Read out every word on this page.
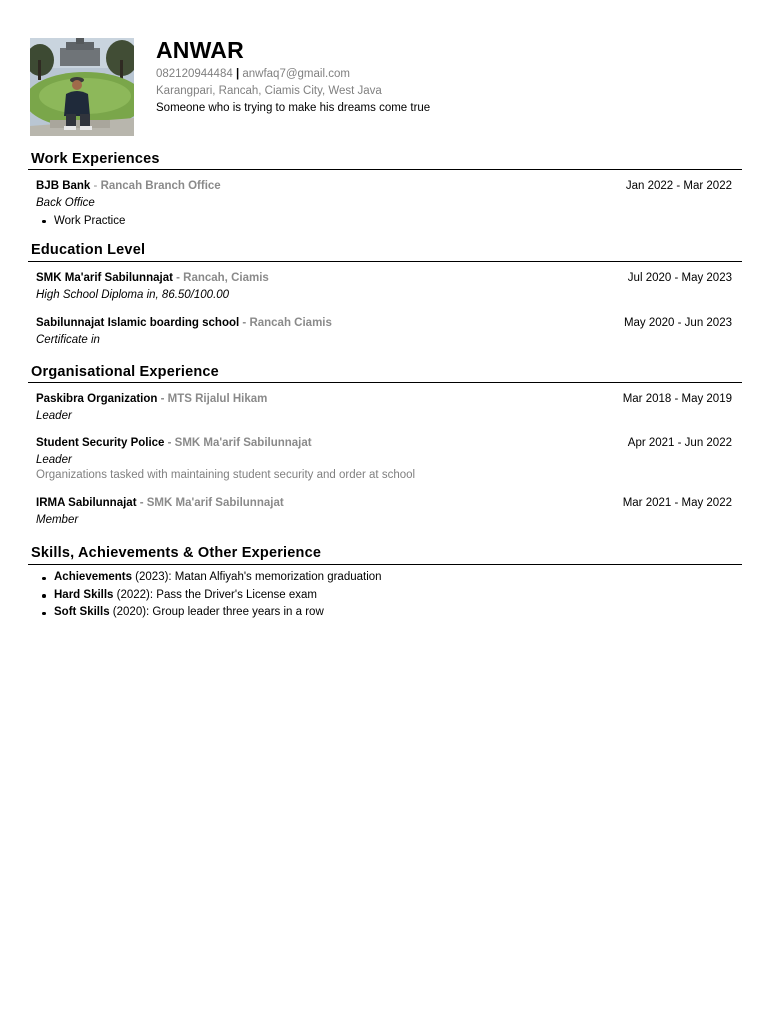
ANWAR
082120944484 | anwfaq7@gmail.com
Karangpari, Rancah, Ciamis City, West Java
Someone who is trying to make his dreams come true
Work Experiences
BJB Bank - Rancah Branch Office	Jan 2022 - Mar 2022
Back Office
Work Practice
Education Level
SMK Ma'arif Sabilunnajat - Rancah, Ciamis	Jul 2020 - May 2023
High School Diploma in, 86.50/100.00
Sabilunnajat Islamic boarding school - Rancah Ciamis	May 2020 - Jun 2023
Certificate in
Organisational Experience
Paskibra Organization - MTS Rijalul Hikam	Mar 2018 - May 2019
Leader
Student Security Police - SMK Ma'arif Sabilunnajat	Apr 2021 - Jun 2022
Leader
Organizations tasked with maintaining student security and order at school
IRMA Sabilunnajat - SMK Ma'arif Sabilunnajat	Mar 2021 - May 2022
Member
Skills, Achievements & Other Experience
Achievements (2023): Matan Alfiyah's memorization graduation
Hard Skills (2022): Pass the Driver's License exam
Soft Skills (2020): Group leader three years in a row
